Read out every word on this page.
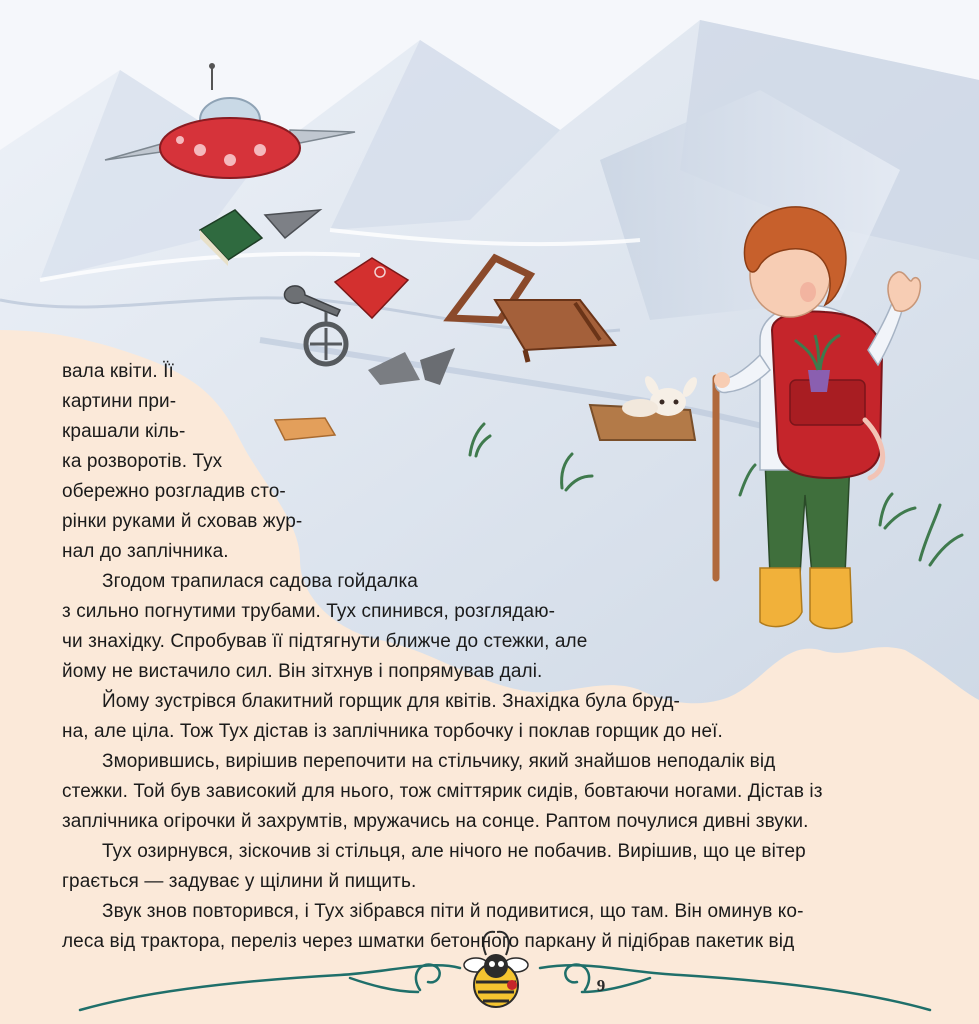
вала квіти. Її

картини при-

крашали кіль-

ка розворотів. Тух

обережно розгладив сто-

рінки руками й сховав жур-

нал до заплічника.

Згодом трапилася садова гойдалка

з сильно погнутими трубами. Тух спинився, розглядаю-

чи знахідку. Спробував її підтягнути ближче до стежки, але

йому не вистачило сил. Він зітхнув і попрямував далі.

Йому зустрівся блакитний горщик для квітів. Знахідка була бруд-

на, але ціла. Тож Тух дістав із заплічника торбочку і поклав горщик до неї.

Зморившись, вирішив перепочити на стільчику, який знайшов неподалік від

стежки. Той був зависокий для нього, тож сміттярик сидів, бовтаючи ногами. Дістав із

заплічника огірочки й захрумтів, мружачись на сонце. Раптом почулися дивні звуки.

Тух озирнувся, зіскочив зі стільця, але нічого не побачив. Вирішив, що це вітер

грається — задуває у щілини й пищить.

Звук знов повторився, і Тух зібрався піти й подивитися, що там. Він оминув ко-

леса від трактора, переліз через шматки бетонного паркану й підібрав пакетик від

9
